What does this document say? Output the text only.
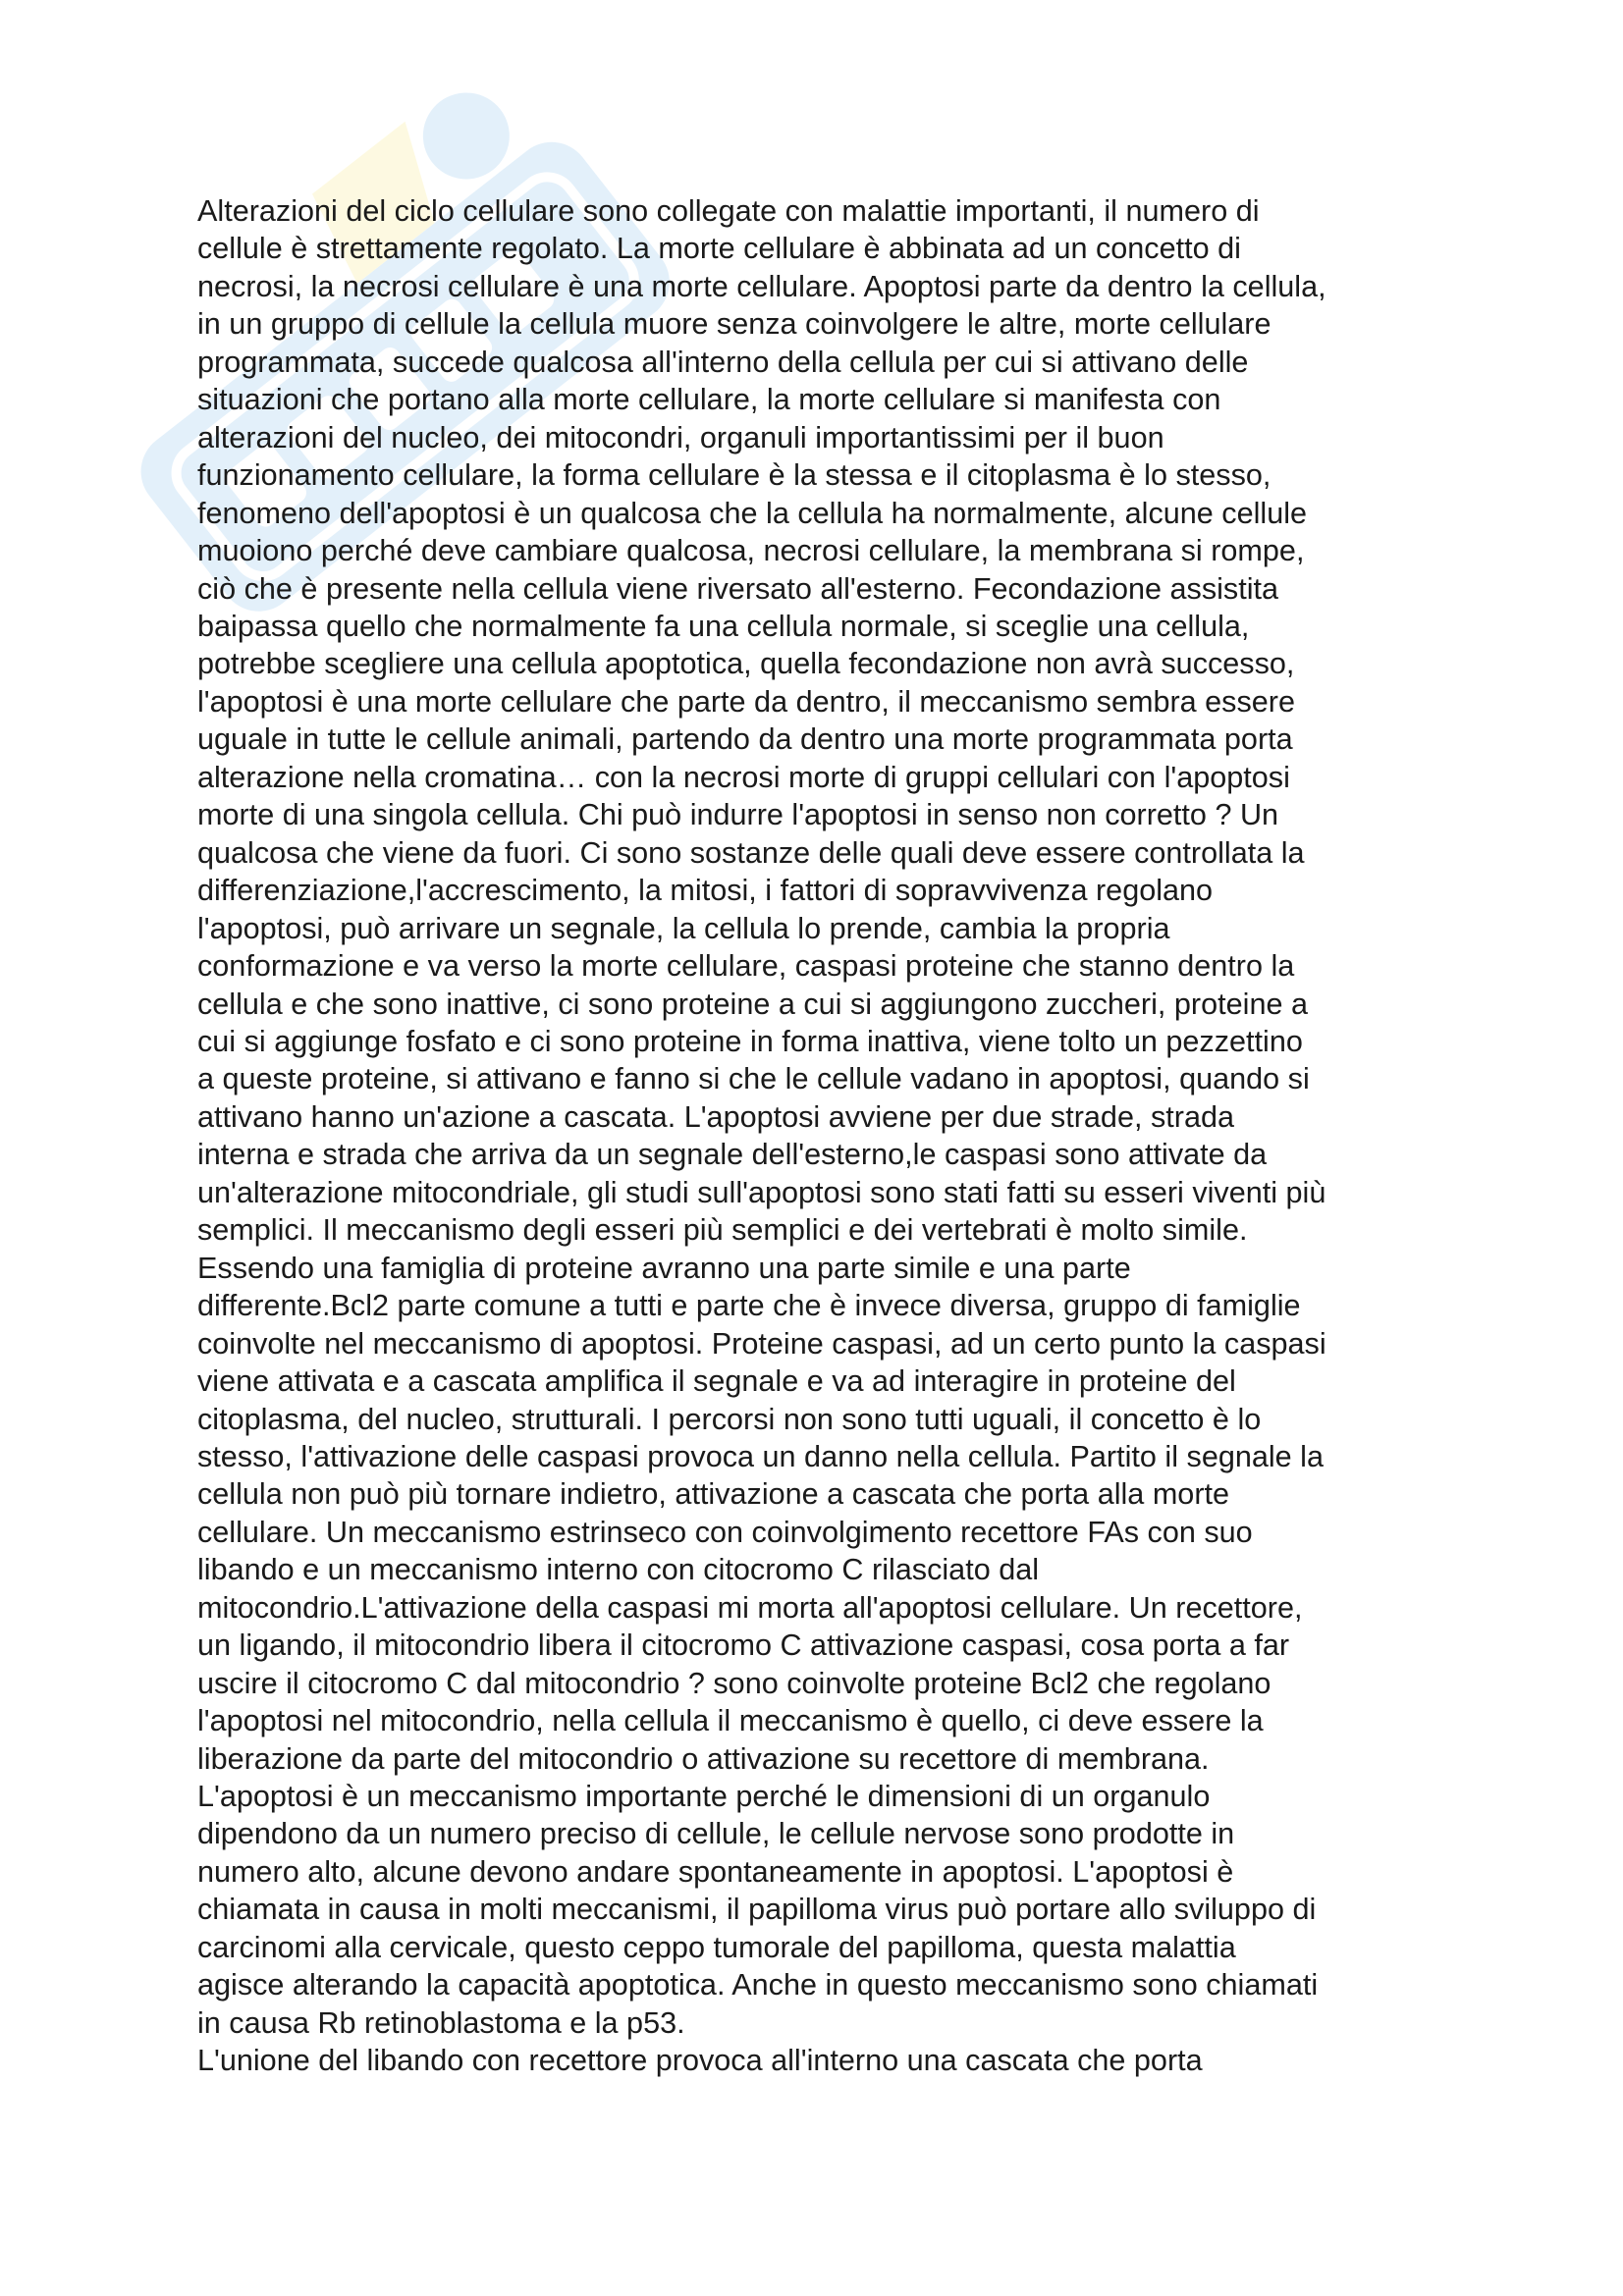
Alterazioni del ciclo cellulare sono collegate con malattie importanti, il numero di
cellule è strettamente regolato. La morte cellulare è abbinata ad un concetto di
necrosi, la necrosi cellulare è una morte cellulare. Apoptosi parte da dentro la cellula,
in un gruppo di cellule la cellula muore senza coinvolgere le altre, morte cellulare
programmata, succede qualcosa all'interno della cellula per cui si attivano delle
situazioni che portano alla morte cellulare, la morte cellulare si manifesta con
alterazioni del nucleo, dei mitocondri, organuli importantissimi per il buon
funzionamento cellulare, la forma cellulare è la stessa e il citoplasma è lo stesso,
fenomeno dell'apoptosi è un qualcosa che la cellula ha normalmente, alcune cellule
muoiono perché deve cambiare qualcosa, necrosi cellulare, la membrana si rompe,
ciò che è presente nella cellula viene riversato all'esterno. Fecondazione assistita
baipassa quello che normalmente fa una cellula normale, si sceglie una cellula,
potrebbe scegliere una cellula apoptotica, quella fecondazione non avrà successo,
l'apoptosi è una morte cellulare che parte da dentro, il meccanismo sembra essere
uguale in tutte le cellule animali, partendo da dentro una morte programmata porta
alterazione nella cromatina… con la necrosi morte di gruppi cellulari con l'apoptosi
morte di una singola cellula. Chi può indurre l'apoptosi in senso non corretto ? Un
qualcosa che viene da fuori. Ci sono sostanze delle quali deve essere controllata la
differenziazione,l'accrescimento, la mitosi, i fattori di sopravvivenza regolano
l'apoptosi, può arrivare un segnale, la cellula lo prende, cambia la propria
conformazione e va verso la morte cellulare, caspasi proteine che stanno dentro la
cellula e che sono inattive, ci sono proteine a cui si aggiungono zuccheri, proteine a
cui si aggiunge fosfato e ci sono proteine in forma inattiva, viene tolto un pezzettino
a queste proteine, si attivano e fanno si che le cellule vadano in apoptosi, quando si
attivano hanno un'azione a cascata. L'apoptosi avviene per due strade, strada
interna e strada che arriva da un segnale dell'esterno,le caspasi sono attivate da
un'alterazione mitocondriale, gli studi sull'apoptosi sono stati fatti su esseri viventi più
semplici. Il meccanismo degli esseri più semplici e dei vertebrati è molto simile.
Essendo una famiglia di proteine avranno una parte simile e una parte
differente.Bcl2 parte comune a tutti e parte che è invece diversa, gruppo di famiglie
coinvolte nel meccanismo di apoptosi. Proteine caspasi, ad un certo punto la caspasi
viene attivata e a cascata amplifica il segnale e va ad interagire in proteine del
citoplasma, del nucleo, strutturali. I percorsi non sono tutti uguali, il concetto è lo
stesso, l'attivazione delle caspasi provoca un danno nella cellula. Partito il segnale la
cellula non può più tornare indietro, attivazione a cascata che porta alla morte
cellulare. Un meccanismo estrinseco con coinvolgimento recettore FAs con suo
libando e un meccanismo interno con citocromo C rilasciato dal
mitocondrio.L'attivazione della caspasi mi morta all'apoptosi cellulare. Un recettore,
un ligando, il mitocondrio libera il citocromo C attivazione caspasi, cosa porta a far
uscire il citocromo C dal mitocondrio ? sono coinvolte proteine Bcl2 che regolano
l'apoptosi nel mitocondrio, nella cellula il meccanismo è quello, ci deve essere la
liberazione da parte del mitocondrio o attivazione su recettore di membrana.
L'apoptosi è un meccanismo importante perché le dimensioni di un organulo
dipendono da un numero preciso di cellule, le cellule nervose sono prodotte in
numero alto, alcune devono andare spontaneamente in apoptosi. L'apoptosi è
chiamata in causa in molti meccanismi, il papilloma virus può portare allo sviluppo di
carcinomi alla cervicale, questo ceppo tumorale del papilloma, questa malattia
agisce alterando la capacità apoptotica. Anche in questo meccanismo sono chiamati
in causa Rb retinoblastoma e la p53.
L'unione del libando con recettore provoca all'interno una cascata che porta
